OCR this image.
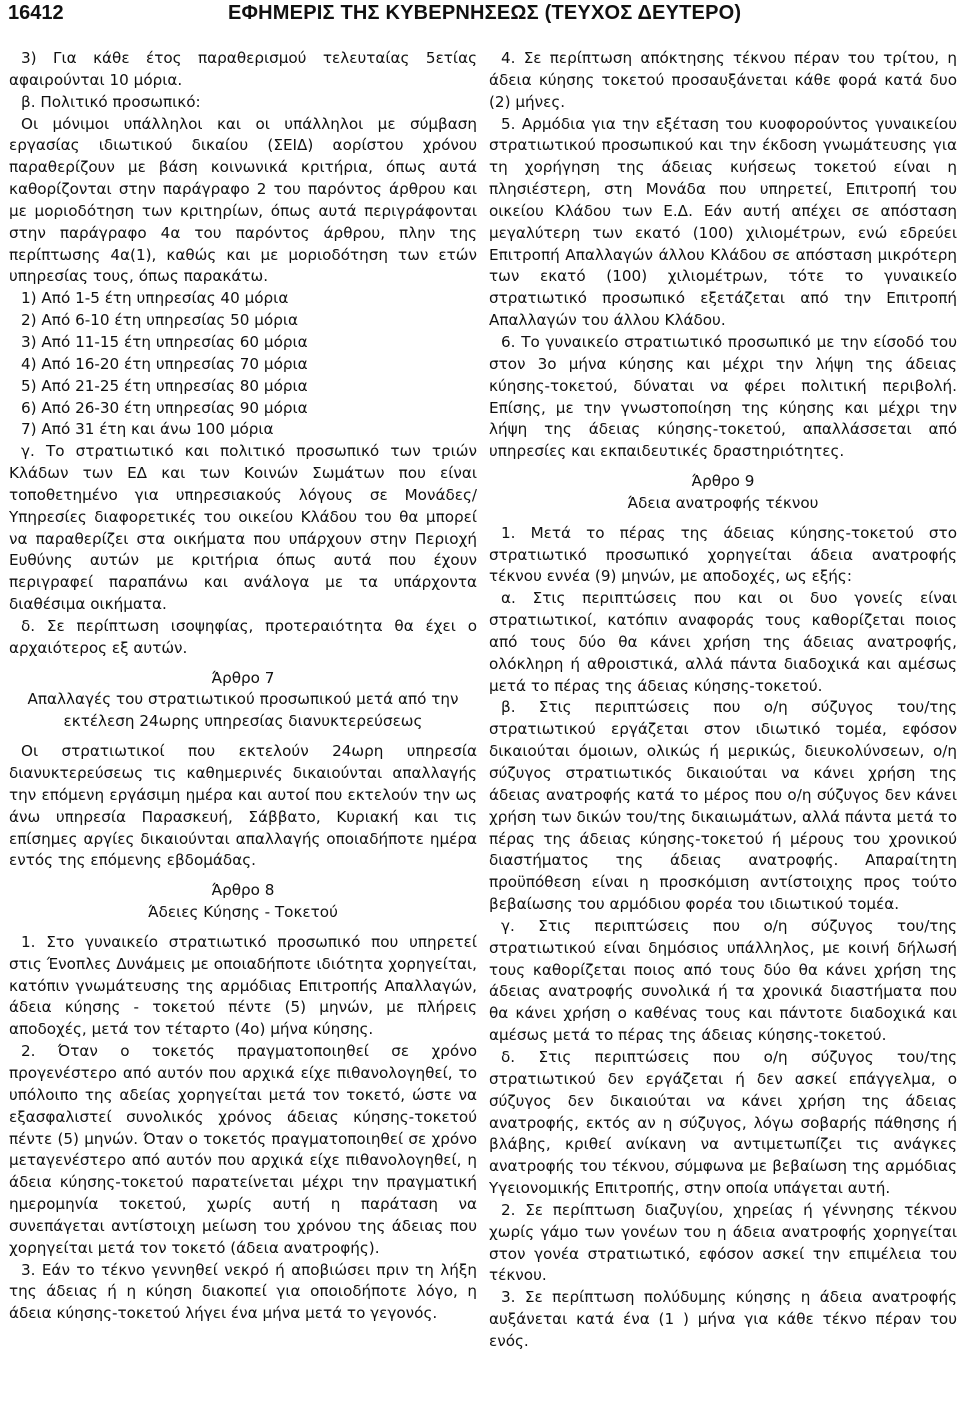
16412	ΕΦΗΜΕΡΙΣ ΤΗΣ ΚΥΒΕΡΝΗΣΕΩΣ (ΤΕΥΧΟΣ ΔΕΥΤΕΡΟ)

3) Για κάθε έτος παραθερισμού τελευταίας 5ετίας αφαιρούνται 10 μόρια.

β. Πολιτικό προσωπικό:

Οι μόνιμοι υπάλληλοι και οι υπάλληλοι με σύμβαση εργασίας ιδιωτικού δικαίου (ΣΕΙΔ) αορίστου χρόνου παραθερίζουν με βάση κοινωνικά κριτήρια, όπως αυτά καθορίζονται στην παράγραφο 2 του παρόντος άρθρου και με μοριοδότηση των κριτηρίων, όπως αυτά περιγράφονται στην παράγραφο 4α του παρόντος άρθρου, πλην της περίπτωσης 4α(1), καθώς και με μοριοδότηση των ετών υπηρεσίας τους, όπως παρακάτω.

1) Από 1-5 έτη υπηρεσίας 40 μόρια

2) Από 6-10 έτη υπηρεσίας 50 μόρια

3) Από 11-15 έτη υπηρεσίας 60 μόρια

4) Από 16-20 έτη υπηρεσίας 70 μόρια

5) Από 21-25 έτη υπηρεσίας 80 μόρια

6) Από 26-30 έτη υπηρεσίας 90 μόρια

7) Από 31 έτη και άνω 100 μόρια

γ. Το στρατιωτικό και πολιτικό προσωπικό των τριών Κλάδων των ΕΔ και των Κοινών Σωμάτων που είναι τοποθετημένο για υπηρεσιακούς λόγους σε Μονάδες/Υπηρεσίες διαφορετικές του οικείου Κλάδου του θα μπορεί να παραθερίζει στα οικήματα που υπάρχουν στην Περιοχή Ευθύνης αυτών με κριτήρια όπως αυτά που έχουν περιγραφεί παραπάνω και ανάλογα με τα υπάρχοντα διαθέσιμα οικήματα.

δ. Σε περίπτωση ισοψηφίας, προτεραιότητα θα έχει ο αρχαιότερος εξ αυτών.

Άρθρο 7

Απαλλαγές του στρατιωτικού προσωπικού μετά από την εκτέλεση 24ωρης υπηρεσίας διανυκτερεύσεως

Οι στρατιωτικοί που εκτελούν 24ωρη υπηρεσία διανυκτερεύσεως τις καθημερινές δικαιούνται απαλλαγής την επόμενη εργάσιμη ημέρα και αυτοί που εκτελούν την ως άνω υπηρεσία Παρασκευή, Σάββατο, Κυριακή και τις επίσημες αργίες δικαιούνται απαλλαγής οποιαδήποτε ημέρα εντός της επόμενης εβδομάδας.

Άρθρο 8

Άδειες Κύησης - Τοκετού

1. Στο γυναικείο στρατιωτικό προσωπικό που υπηρετεί στις Ένοπλες Δυνάμεις με οποιαδήποτε ιδιότητα χορηγείται, κατόπιν γνωμάτευσης της αρμόδιας Επιτροπής Απαλλαγών, άδεια κύησης - τοκετού πέντε (5) μηνών, με πλήρεις αποδοχές, μετά τον τέταρτο (4ο) μήνα κύησης.

2. Όταν ο τοκετός πραγματοποιηθεί σε χρόνο προγενέστερο από αυτόν που αρχικά είχε πιθανολογηθεί, το υπόλοιπο της αδείας χορηγείται μετά τον τοκετό, ώστε να εξασφαλιστεί συνολικός χρόνος άδειας κύησης-τοκετού πέντε (5) μηνών. Όταν ο τοκετός πραγματοποιηθεί σε χρόνο μεταγενέστερο από αυτόν που αρχικά είχε πιθανολογηθεί, η άδεια κύησης-τοκετού παρατείνεται μέχρι την πραγματική ημερομηνία τοκετού, χωρίς αυτή η παράταση να συνεπάγεται αντίστοιχη μείωση του χρόνου της άδειας που χορηγείται μετά τον τοκετό (άδεια ανατροφής).

3. Εάν το τέκνο γεννηθεί νεκρό ή αποβιώσει πριν τη λήξη της άδειας ή η κύηση διακοπεί για οποιοδήποτε λόγο, η άδεια κύησης-τοκετού λήγει ένα μήνα μετά το γεγονός.

4. Σε περίπτωση απόκτησης τέκνου πέραν του τρίτου, η άδεια κύησης τοκετού προσαυξάνεται κάθε φορά κατά δυο (2) μήνες.

5. Αρμόδια για την εξέταση του κυοφορούντος γυναικείου στρατιωτικού προσωπικού και την έκδοση γνωμάτευσης για τη χορήγηση της άδειας κυήσεως τοκετού είναι η πλησιέστερη, στη Μονάδα που υπηρετεί, Επιτροπή του οικείου Κλάδου των Ε.Δ. Εάν αυτή απέχει σε απόσταση μεγαλύτερη των εκατό (100) χιλιομέτρων, ενώ εδρεύει Επιτροπή Απαλλαγών άλλου Κλάδου σε απόσταση μικρότερη των εκατό (100) χιλιομέτρων, τότε το γυναικείο στρατιωτικό προσωπικό εξετάζεται από την Επιτροπή Απαλλαγών του άλλου Κλάδου.

6. Το γυναικείο στρατιωτικό προσωπικό με την είσοδό του στον 3ο μήνα κύησης και μέχρι την λήψη της άδειας κύησης-τοκετού, δύναται να φέρει πολιτική περιβολή. Επίσης, με την γνωστοποίηση της κύησης και μέχρι την λήψη της άδειας κύησης-τοκετού, απαλλάσσεται από υπηρεσίες και εκπαιδευτικές δραστηριότητες.

Άρθρο 9

Άδεια ανατροφής τέκνου

1. Μετά το πέρας της άδειας κύησης-τοκετού στο στρατιωτικό προσωπικό χορηγείται άδεια ανατροφής τέκνου εννέα (9) μηνών, με αποδοχές, ως εξής:

α. Στις περιπτώσεις που και οι δυο γονείς είναι στρατιωτικοί, κατόπιν αναφοράς τους καθορίζεται ποιος από τους δύο θα κάνει χρήση της άδειας ανατροφής, ολόκληρη ή αθροιστικά, αλλά πάντα διαδοχικά και αμέσως μετά το πέρας της άδειας κύησης-τοκετού.

β. Στις περιπτώσεις που ο/η σύζυγος του/της στρατιωτικού εργάζεται στον ιδιωτικό τομέα, εφόσον δικαιούται όμοιων, ολικώς ή μερικώς, διευκολύνσεων, ο/η σύζυγος στρατιωτικός δικαιούται να κάνει χρήση της άδειας ανατροφής κατά το μέρος που ο/η σύζυγος δεν κάνει χρήση των δικών του/της δικαιωμάτων, αλλά πάντα μετά το πέρας της άδειας κύησης-τοκετού ή μέρους του χρονικού διαστήματος της άδειας ανατροφής. Απαραίτητη προϋπόθεση είναι η προσκόμιση αντίστοιχης προς τούτο βεβαίωσης του αρμόδιου φορέα του ιδιωτικού τομέα.

γ. Στις περιπτώσεις που ο/η σύζυγος του/της στρατιωτικού είναι δημόσιος υπάλληλος, με κοινή δήλωσή τους καθορίζεται ποιος από τους δύο θα κάνει χρήση της άδειας ανατροφής συνολικά ή τα χρονικά διαστήματα που θα κάνει χρήση ο καθένας τους και πάντοτε διαδοχικά και αμέσως μετά το πέρας της άδειας κύησης-τοκετού.

δ. Στις περιπτώσεις που ο/η σύζυγος του/της στρατιωτικού δεν εργάζεται ή δεν ασκεί επάγγελμα, ο σύζυγος δεν δικαιούται να κάνει χρήση της άδειας ανατροφής, εκτός αν η σύζυγος, λόγω σοβαρής πάθησης ή βλάβης, κριθεί ανίκανη να αντιμετωπίζει τις ανάγκες ανατροφής του τέκνου, σύμφωνα με βεβαίωση της αρμόδιας Υγειονομικής Επιτροπής, στην οποία υπάγεται αυτή.

2. Σε περίπτωση διαζυγίου, χηρείας ή γέννησης τέκνου χωρίς γάμο των γονέων του η άδεια ανατροφής χορηγείται στον γονέα στρατιωτικό, εφόσον ασκεί την επιμέλεια του τέκνου.

3. Σε περίπτωση πολύδυμης κύησης η άδεια ανατροφής αυξάνεται κατά ένα (1 ) μήνα για κάθε τέκνο πέραν του ενός.
